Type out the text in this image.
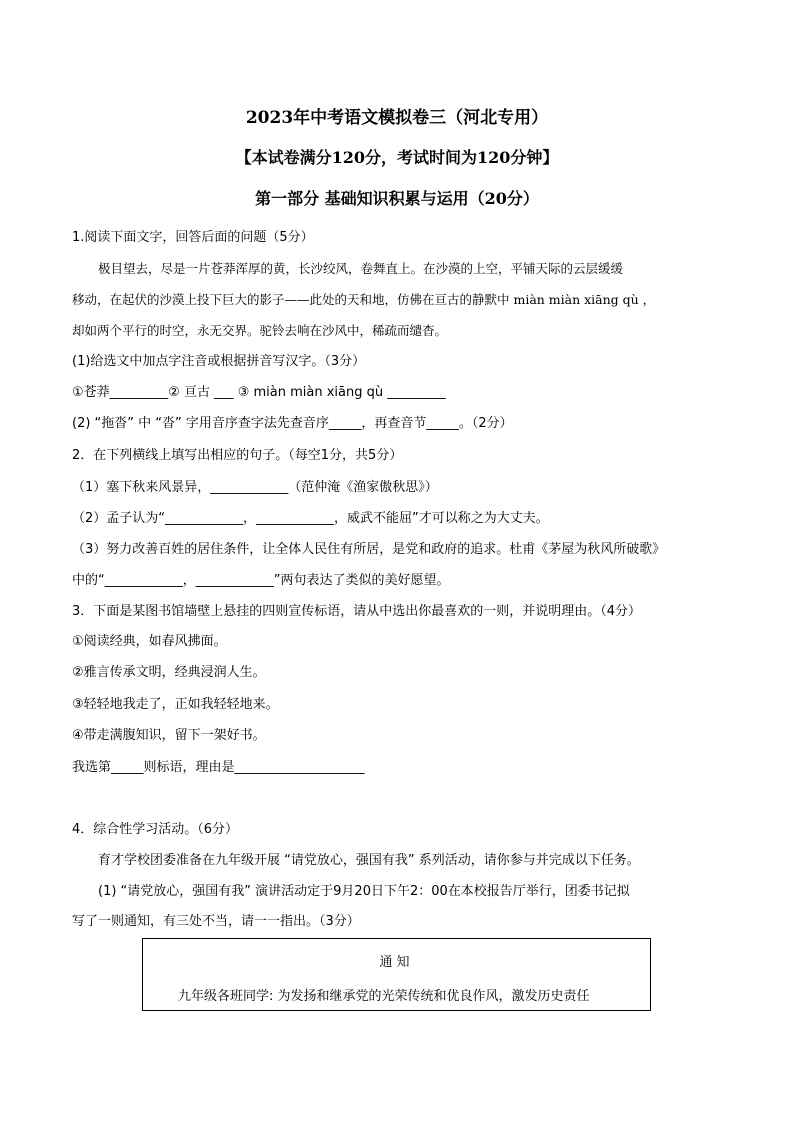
2023年中考语文模拟卷三（河北专用）
【本试卷满分120分，考试时间为120分钟】
第一部分 基础知识积累与运用（20分）
1.阅读下面文字，回答后面的问题（5分）
极目望去，尽是一片苍莽浑厚的黄，长沙绞风，卷舞直上。在沙漠的上空，平铺天际的云层缓缓
移动，在起伏的沙漠上投下巨大的影子——此处的天和地，仿佛在亘古的静默中 miàn miàn xiāng qù ，
却如两个平行的时空，永无交界。驼铃去响在沙风中，稀疏而缱杳。
(1)给选文中加点字注音或根据拼音写汉字。（3分）
①苍莽_________② 亘古 ___ ③ miàn miàn xiāng qù _________
(2) “拖沓” 中 “沓” 字用音序查字法先查音序_____，再查音节_____。（2分）
2．在下列横线上填写出相应的句子。（每空1分，共5分）
（1）塞下秋来风景异，____________（范仲淹《渔家傲秋思》）
（2）孟子认为“____________，____________，威武不能屈”才可以称之为大丈夫。
（3）努力改善百姓的居住条件，让全体人民住有所居，是党和政府的追求。杜甫《茅屋为秋风所破歌》
中的“____________，____________”两句表达了类似的美好愿望。
3．下面是某图书馆墙壁上悬挂的四则宣传标语，请从中选出你最喜欢的一则，并说明理由。（4分）
①阅读经典，如春风拂面。
②雅言传承文明，经典浸润人生。
③轻轻地我走了，正如我轻轻地来。
④带走满腹知识，留下一架好书。
我选第_____则标语，理由是____________________
4．综合性学习活动。（6分）
育才学校团委准备在九年级开展 “请党放心，强国有我” 系列活动，请你参与并完成以下任务。
(1) “请党放心，强国有我” 演讲活动定于9月20日下午2：00在本校报告厅举行，团委书记拟
写了一则通知，有三处不当，请一一指出。（3分）
通知
九年级各班同学: 为发扬和继承党的光荣传统和优良作风，激发历史责任
